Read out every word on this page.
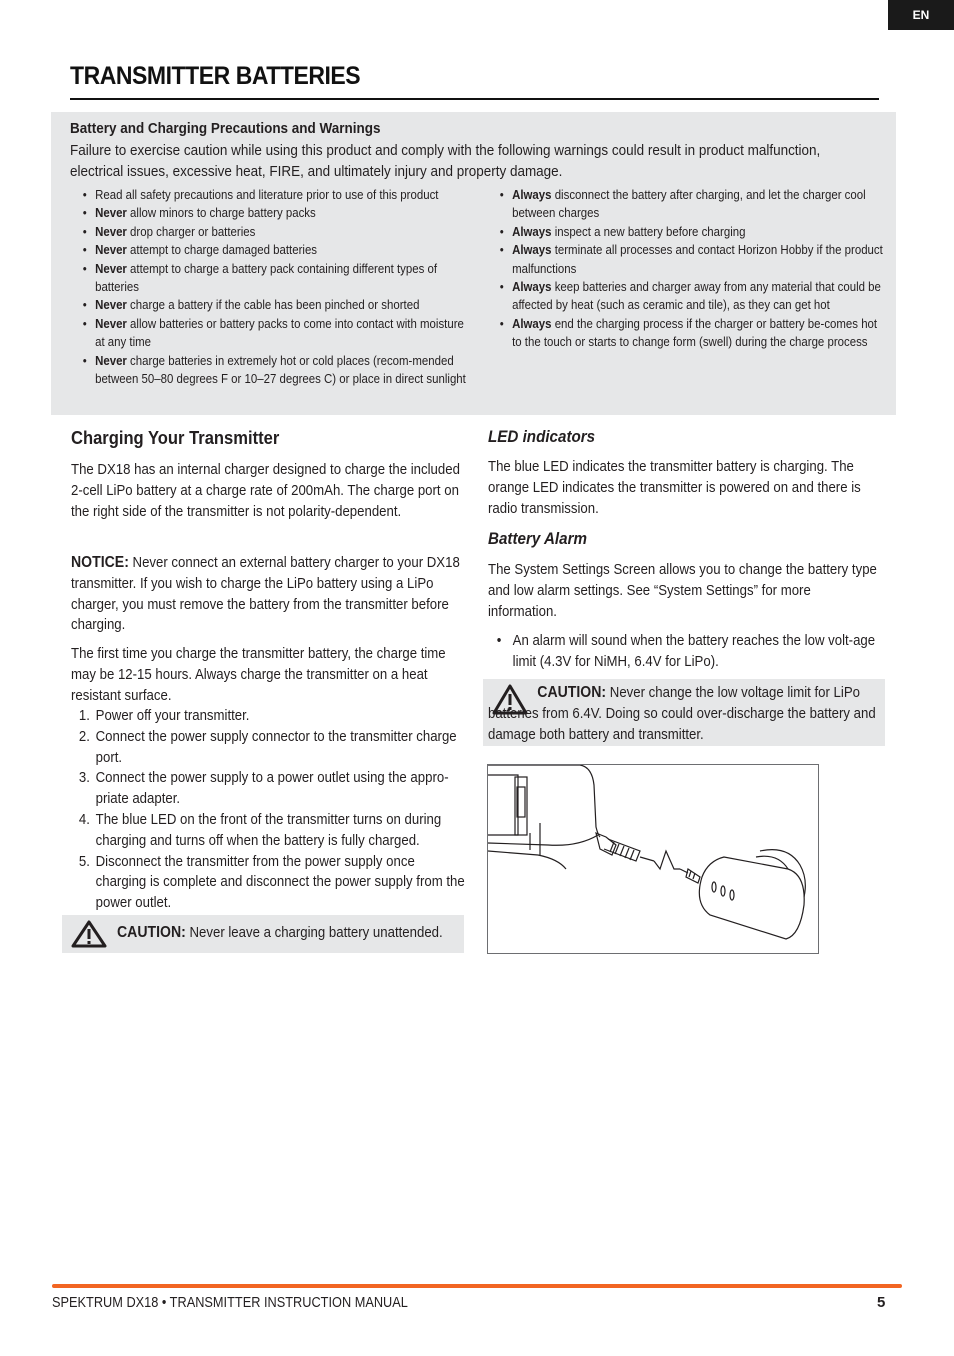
EN
TRANSMITTER BATTERIES
Battery and Charging Precautions and Warnings
Failure to exercise caution while using this product and comply with the following warnings could result in product malfunction, electrical issues, excessive heat, FIRE, and ultimately injury and property damage.
• Read all safety precautions and literature prior to use of this product
• Never allow minors to charge battery packs
• Never drop charger or batteries
• Never attempt to charge damaged batteries
• Never attempt to charge a battery pack containing different types of batteries
• Never charge a battery if the cable has been pinched or shorted
• Never allow batteries or battery packs to come into contact with moisture at any time
• Never charge batteries in extremely hot or cold places (recom-mended between 50–80 degrees F or 10–27 degrees C) or place in direct sunlight
• Always disconnect the battery after charging, and let the charger cool between charges
• Always inspect a new battery before charging
• Always terminate all processes and contact Horizon Hobby if the product malfunctions
• Always keep batteries and charger away from any material that could be affected by heat (such as ceramic and tile), as they can get hot
• Always end the charging process if the charger or battery be-comes hot to the touch or starts to change form (swell) during the charge process
Charging Your Transmitter

The DX18 has an internal charger designed to charge the included 2-cell LiPo battery at a charge rate of 200mAh. The charge port on the right side of the transmitter is not polarity-dependent.

NOTICE: Never connect an external battery charger to your DX18 transmitter. If you wish to charge the LiPo battery using a LiPo charger, you must remove the battery from the transmitter before charging.

The first time you charge the transmitter battery, the charge time may be 12-15 hours. Always charge the transmitter on a heat resistant surface.

1. Power off your transmitter.
2. Connect the power supply connector to the transmitter charge port.
3. Connect the power supply to a power outlet using the appro-priate adapter.
4. The blue LED on the front of the transmitter turns on during charging and turns off when the battery is fully charged.
5. Disconnect the transmitter from the power supply once charging is complete and disconnect the power supply from the power outlet.
CAUTION: Never leave a charging battery unattended.
LED indicators

The blue LED indicates the transmitter battery is charging. The orange LED indicates the transmitter is powered on and there is radio transmission.

Battery Alarm

The System Settings Screen allows you to change the battery type and low alarm settings. See “System Settings” for more information.

• An alarm will sound when the battery reaches the low volt-age limit (4.3V for NiMH, 6.4V for LiPo).
CAUTION: Never change the low voltage limit for LiPo batteries from 6.4V. Doing so could over-discharge the battery and damage both battery and transmitter.
SPEKTRUM DX18 • TRANSMITTER INSTRUCTION MANUAL	5
